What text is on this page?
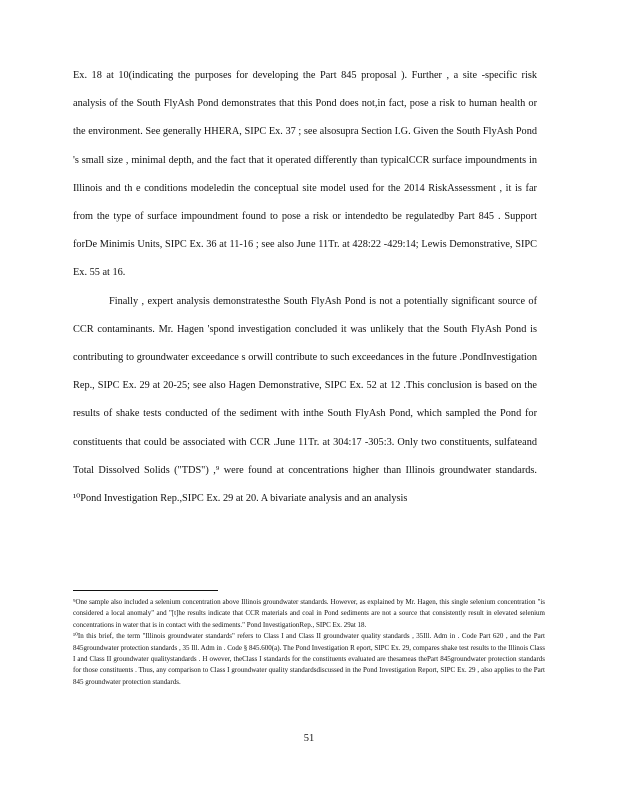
Ex. 18 at 10(indicating the purposes for developing the Part 845 proposal ). Further , a site -specific risk analysis of the South FlyAsh Pond demonstrates that this Pond does not,in fact, pose a risk to human health or the environment. See generally HHERA, SIPC Ex. 37 ; see alsosupra Section I.G. Given the South FlyAsh Pond 's small size , minimal depth, and the fact that it operated differently than typicalCCR surface impoundments in Illinois and th e conditions modeledin the conceptual site model used for the 2014 RiskAssessment , it is far from the type of surface impoundment found to pose a risk or intendedto be regulatedby Part 845 . Support forDe Minimis Units, SIPC Ex. 36 at 11‑16 ; see also June 11Tr. at 428:22 ‑429:14; Lewis Demonstrative, SIPC Ex. 55 at 16.

Finally , expert analysis demonstratesthe South FlyAsh Pond is not a potentially significant source of CCR contaminants. Mr. Hagen 'spond investigation concluded it was unlikely that the South FlyAsh Pond is contributing to groundwater exceedance s orwill contribute to such exceedances in the future .PondInvestigation Rep., SIPC Ex. 29 at 20‑25; see also Hagen Demonstrative, SIPC Ex. 52 at 12 .This conclusion is based on the results of shake tests conducted of the sediment with inthe South FlyAsh Pond, which sampled the Pond for constituents that could be associated with CCR .June 11Tr. at 304:17 ‑305:3. Only two constituents, sulfateand Total Dissolved Solids ("TDS") ,⁹ were found at concentrations higher than Illinois groundwater standards. ¹⁰Pond Investigation Rep.,SIPC Ex. 29 at 20. A bivariate analysis and an analysis

⁹One sample also included a selenium concentration above Illinois groundwater standards. However, as explained by Mr. Hagen, this single selenium concentration "is considered a local anomaly" and "[t]he results indicate that CCR materials and coal in Pond sediments are not a source that consistently result in elevated selenium concentrations in water that is in contact with the sediments." Pond InvestigationRep., SIPC Ex. 29at 18.

¹⁰In this brief, the term "Illinois groundwater standards" refers to Class I and Class II groundwater quality standards , 35Ill. Adm in . Code Part 620 , and the Part 845groundwater protection standards , 35 Ill. Adm in . Code § 845.600(a). The Pond Investigation R eport, SIPC Ex. 29, compares shake test results to the Illinois Class I and Class II groundwater qualitystandards . H owever, theClass I standards for the constituents evaluated are thesameas thePart 845groundwater protection standards for those constituents . Thus, any comparison to Class I groundwater quality standardsdiscussed in the Pond Investigation Report, SIPC Ex. 29 , also applies to the Part 845 groundwater protection standards.

51
